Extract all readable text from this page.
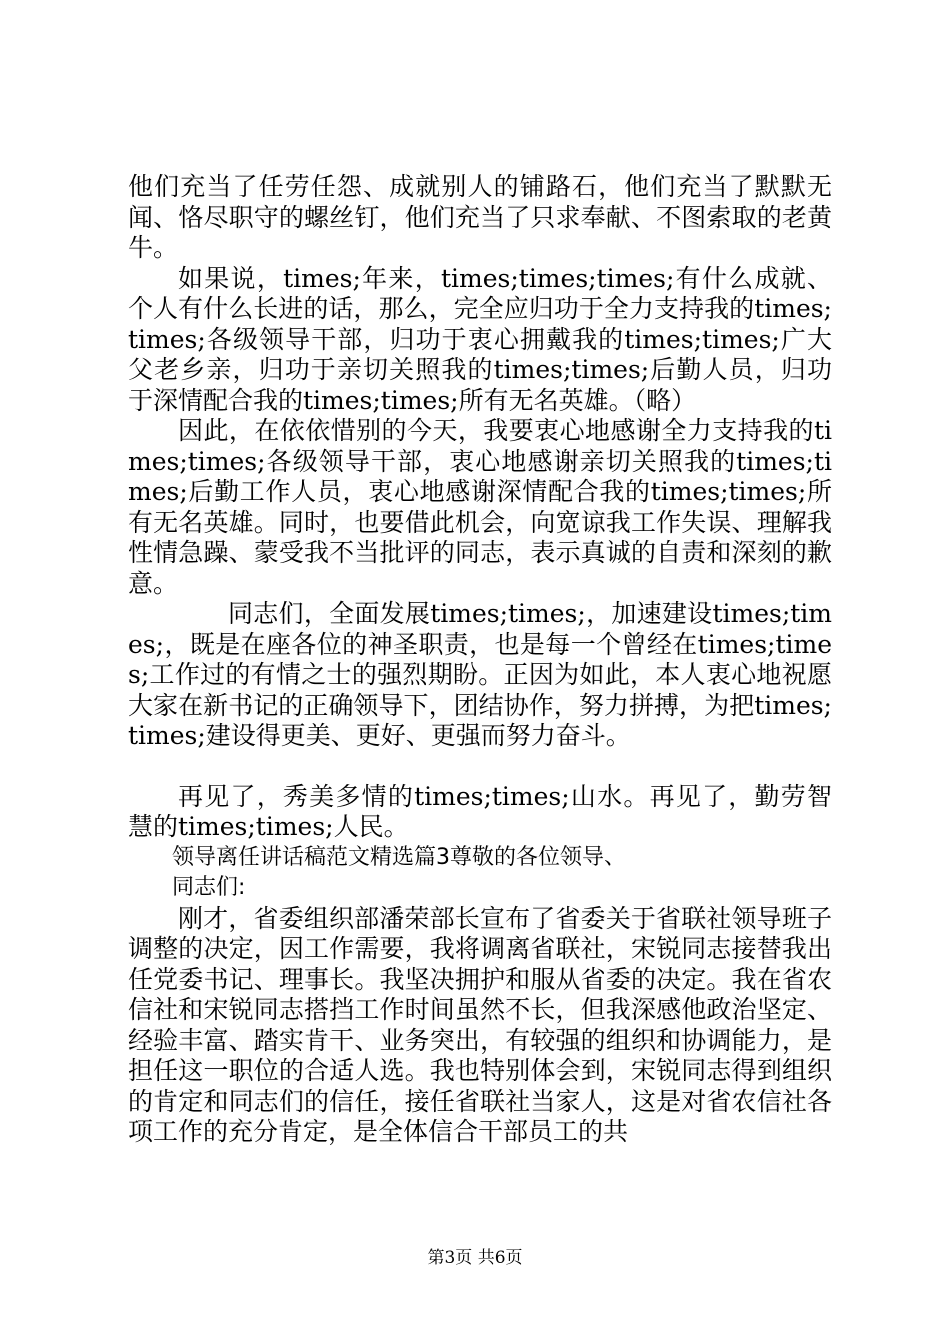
他们充当了任劳任怨、成就别人的铺路石，他们充当了默默无闻、恪尽职守的螺丝钉，他们充当了只求奉献、不图索取的老黄牛。

如果说，times;年来，times;times;times;有什么成就、个人有什么长进的话，那么，完全应归功于全力支持我的times;times;各级领导干部，归功于衷心拥戴我的times;times;广大父老乡亲，归功于亲切关照我的times;times;后勤人员，归功于深情配合我的times;times;所有无名英雄。（略）

因此，在依依惜别的今天，我要衷心地感谢全力支持我的times;times;各级领导干部，衷心地感谢亲切关照我的times;times;后勤工作人员，衷心地感谢深情配合我的times;times;所有无名英雄。同时，也要借此机会，向宽谅我工作失误、理解我性情急躁、蒙受我不当批评的同志，表示真诚的自责和深刻的歉意。

同志们，全面发展times;times;，加速建设times;times;，既是在座各位的神圣职责，也是每一个曾经在times;times;工作过的有情之士的强烈期盼。正因为如此，本人衷心地祝愿大家在新书记的正确领导下，团结协作，努力拼搏，为把times;times;建设得更美、更好、更强而努力奋斗。

再见了，秀美多情的times;times;山水。再见了，勤劳智慧的times;times;人民。

领导离任讲话稿范文精选篇3尊敬的各位领导、

同志们:

刚才，省委组织部潘荣部长宣布了省委关于省联社领导班子调整的决定，因工作需要，我将调离省联社，宋锐同志接替我出任党委书记、理事长。我坚决拥护和服从省委的决定。我在省农信社和宋锐同志搭挡工作时间虽然不长，但我深感他政治坚定、经验丰富、踏实肯干、业务突出，有较强的组织和协调能力，是担任这一职位的合适人选。我也特别体会到，宋锐同志得到组织的肯定和同志们的信任，接任省联社当家人，这是对省农信社各项工作的充分肯定，是全体信合干部员工的共

第3页 共6页
